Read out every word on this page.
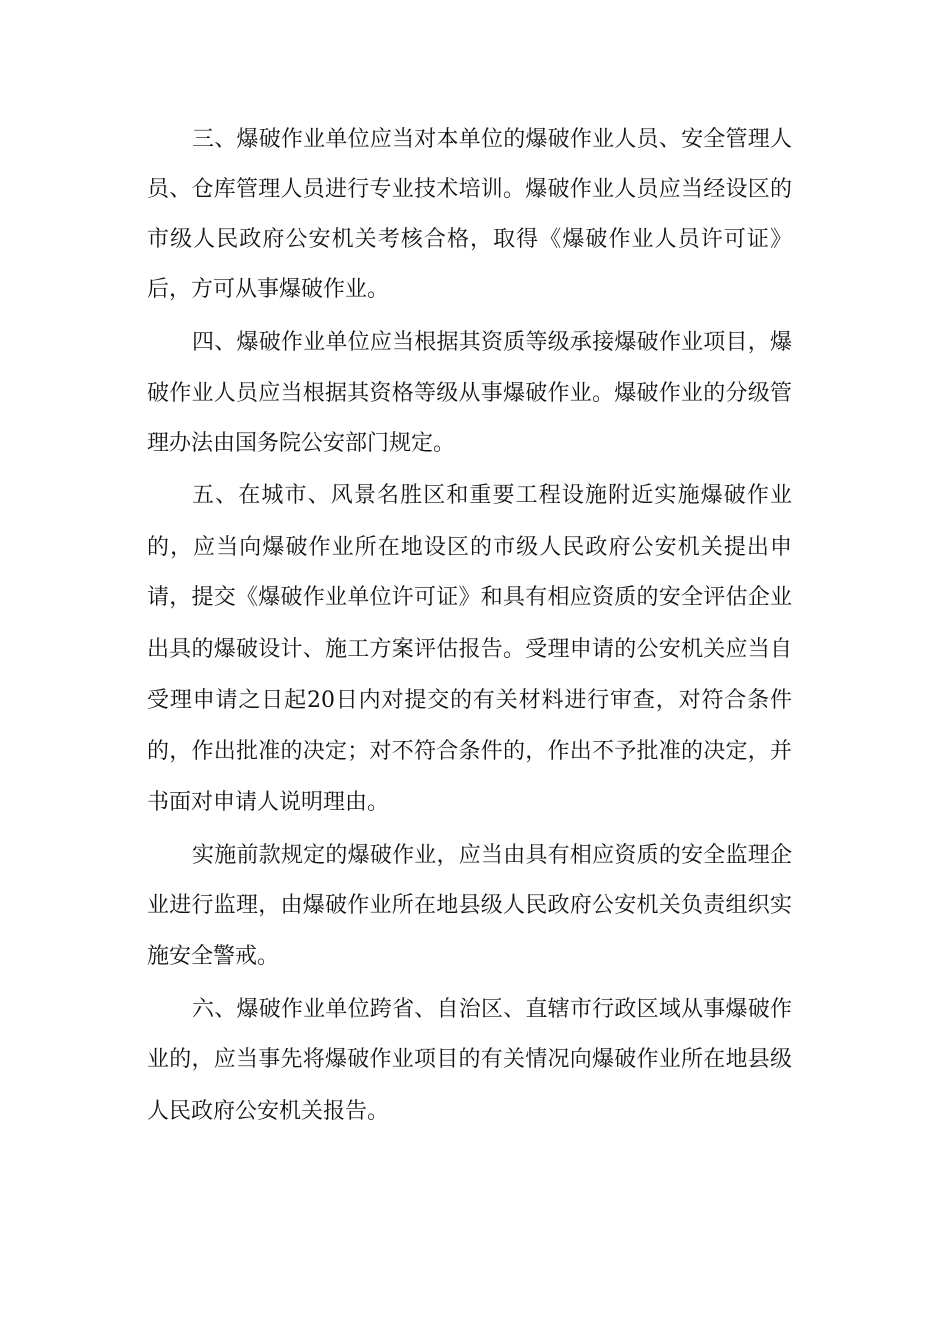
三、爆破作业单位应当对本单位的爆破作业人员、安全管理人
员、仓库管理人员进行专业技术培训。爆破作业人员应当经设区的
市级人民政府公安机关考核合格，取得《爆破作业人员许可证》
后，方可从事爆破作业。
四、爆破作业单位应当根据其资质等级承接爆破作业项目，爆
破作业人员应当根据其资格等级从事爆破作业。爆破作业的分级管
理办法由国务院公安部门规定。
五、在城市、风景名胜区和重要工程设施附近实施爆破作业
的，应当向爆破作业所在地设区的市级人民政府公安机关提出申
请，提交《爆破作业单位许可证》和具有相应资质的安全评估企业
出具的爆破设计、施工方案评估报告。受理申请的公安机关应当自
受理申请之日起20日内对提交的有关材料进行审查，对符合条件
的，作出批准的决定；对不符合条件的，作出不予批准的决定，并
书面对申请人说明理由。
实施前款规定的爆破作业，应当由具有相应资质的安全监理企
业进行监理，由爆破作业所在地县级人民政府公安机关负责组织实
施安全警戒。
六、爆破作业单位跨省、自治区、直辖市行政区域从事爆破作
业的，应当事先将爆破作业项目的有关情况向爆破作业所在地县级
人民政府公安机关报告。
